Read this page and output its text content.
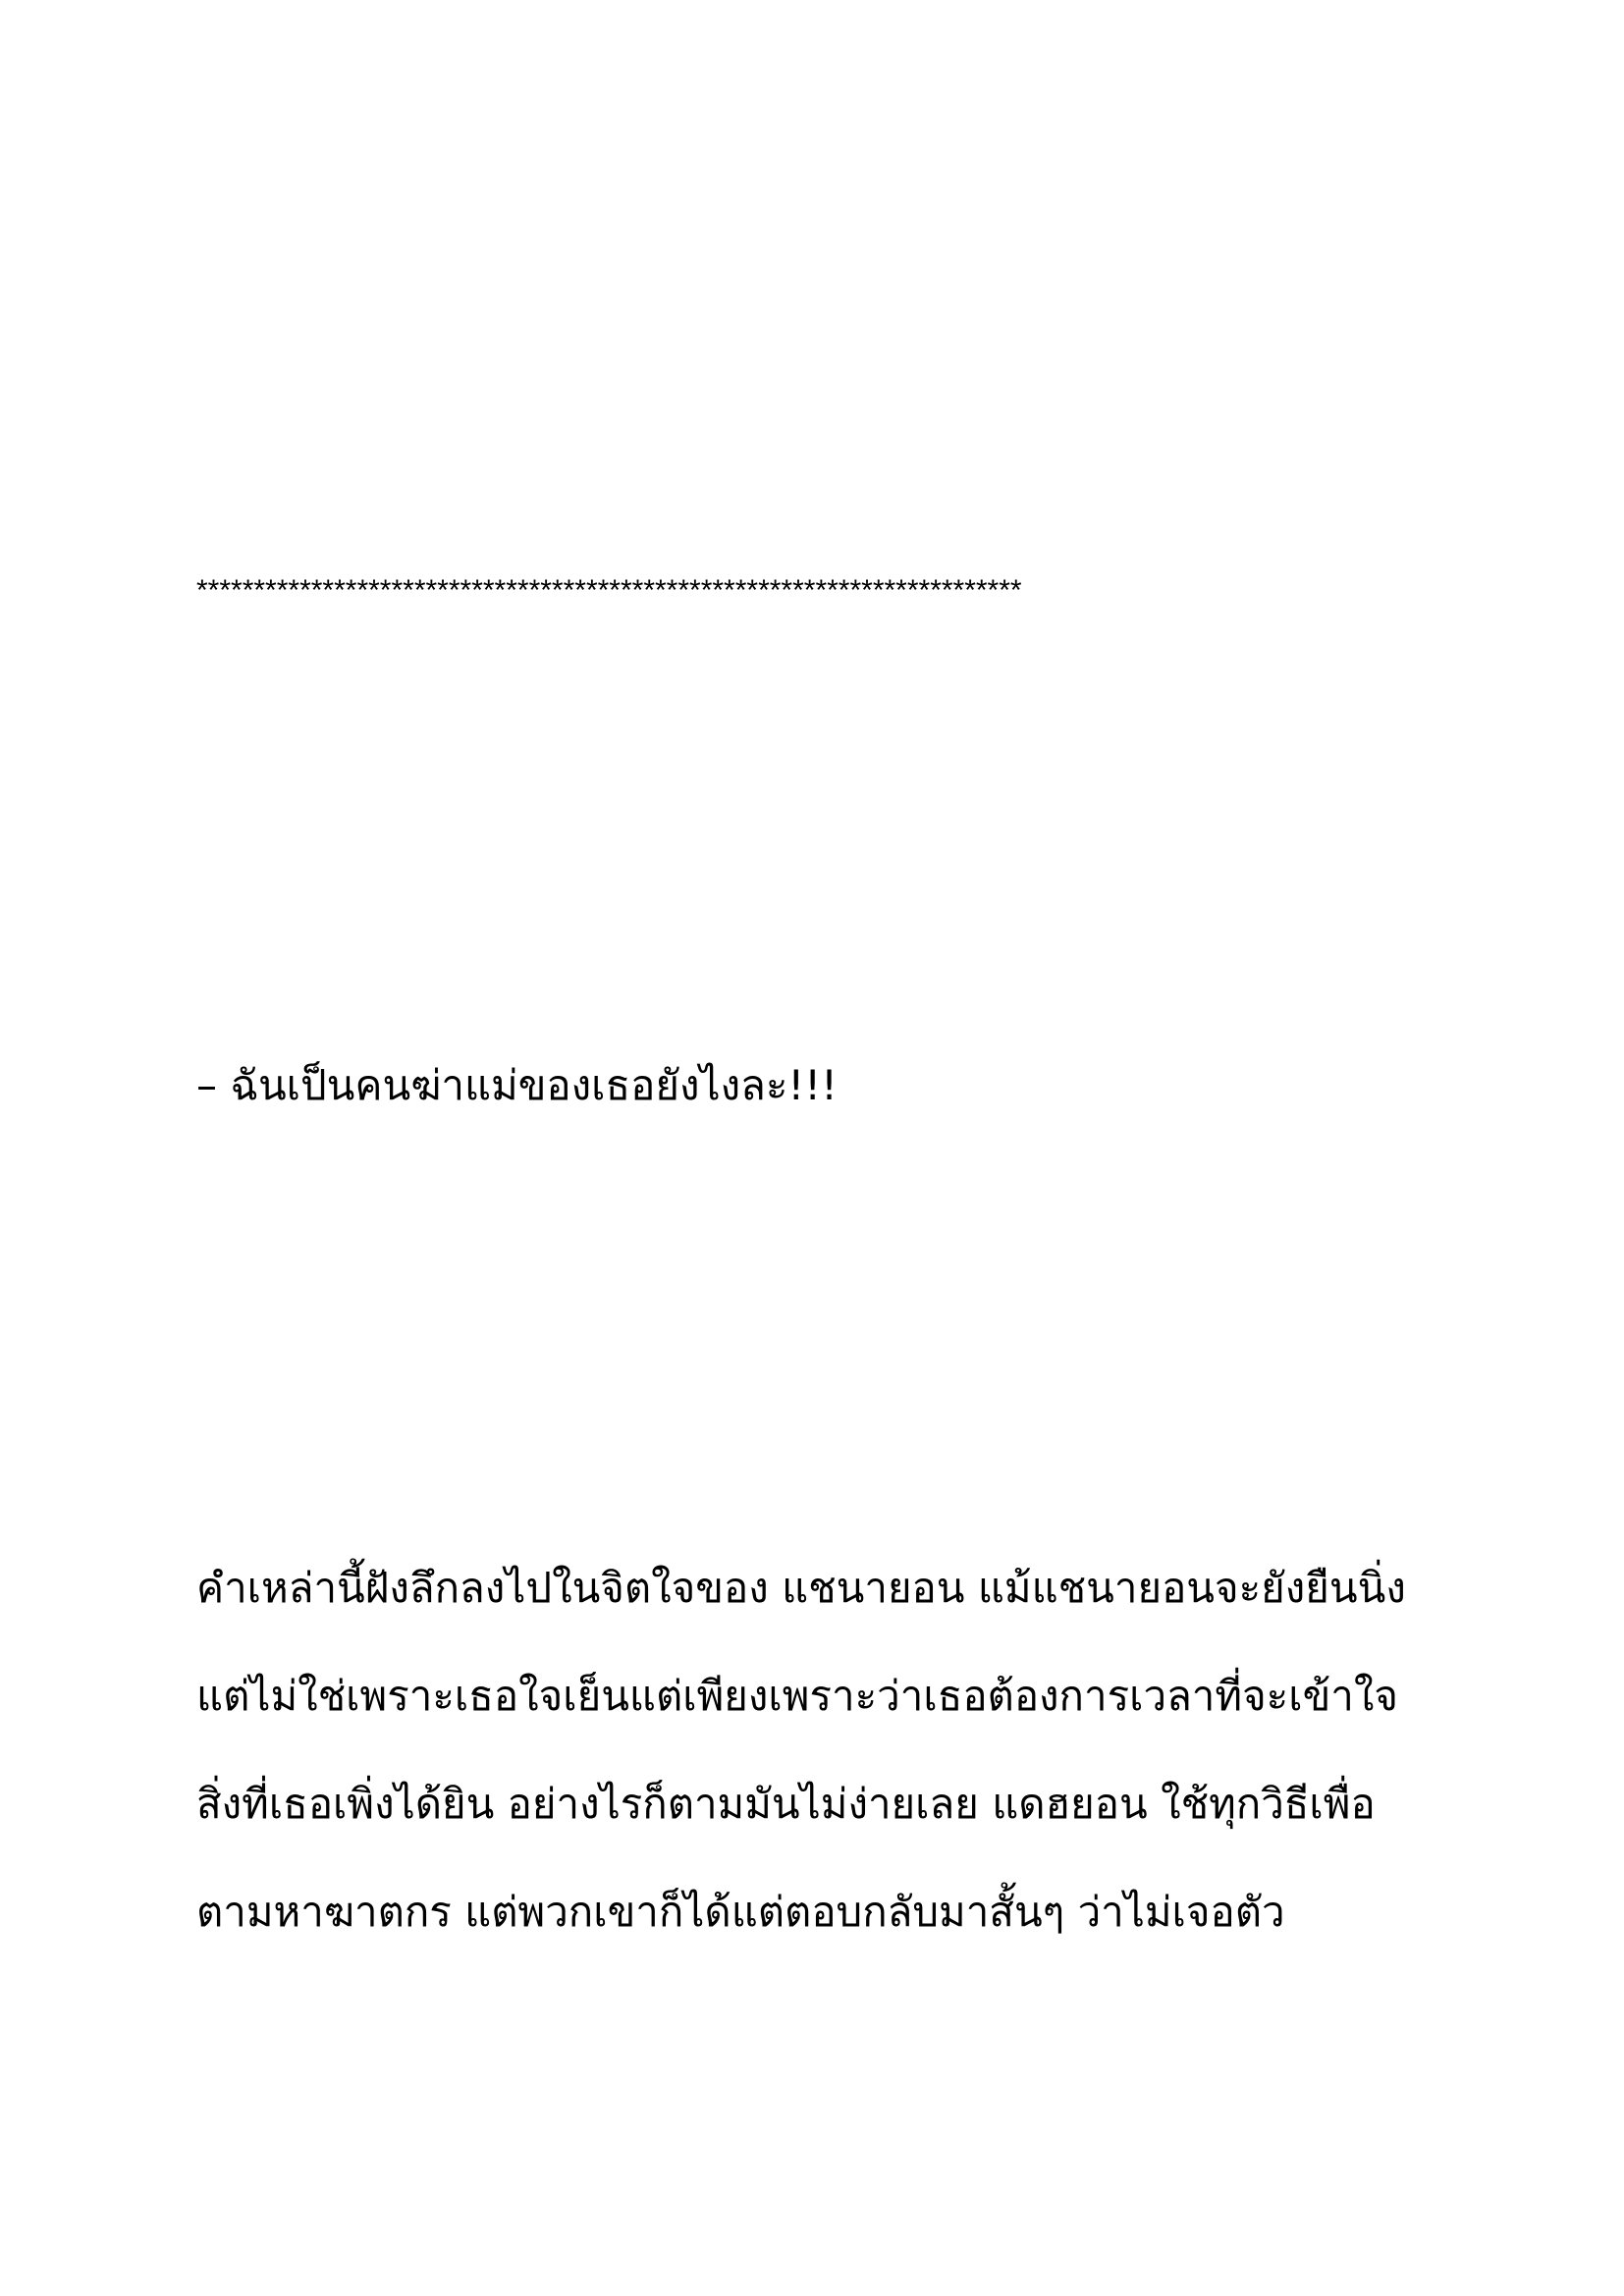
************************************************************************
– ฉันเป็นคนฆ่าแม่ของเธอยังไงละ!!!
คำเหล่านี้ฝังลึกลงไปในจิตใจของ แชนายอน แม้แชนายอนจะยังยืนนิ่ง
แต่ไม่ใช่เพราะเธอใจเย็นแต่เพียงเพราะว่าเธอต้องการเวลาที่จะเข้าใจ
สิ่งที่เธอเพิ่งได้ยิน อย่างไรก็ตามมันไม่ง่ายเลย แดฮยอน ใช้ทุกวิธีเพื่อ
ตามหาฆาตกร แต่พวกเขาก็ได้แต่ตอบกลับมาสั้นๆ ว่าไม่เจอตัว
